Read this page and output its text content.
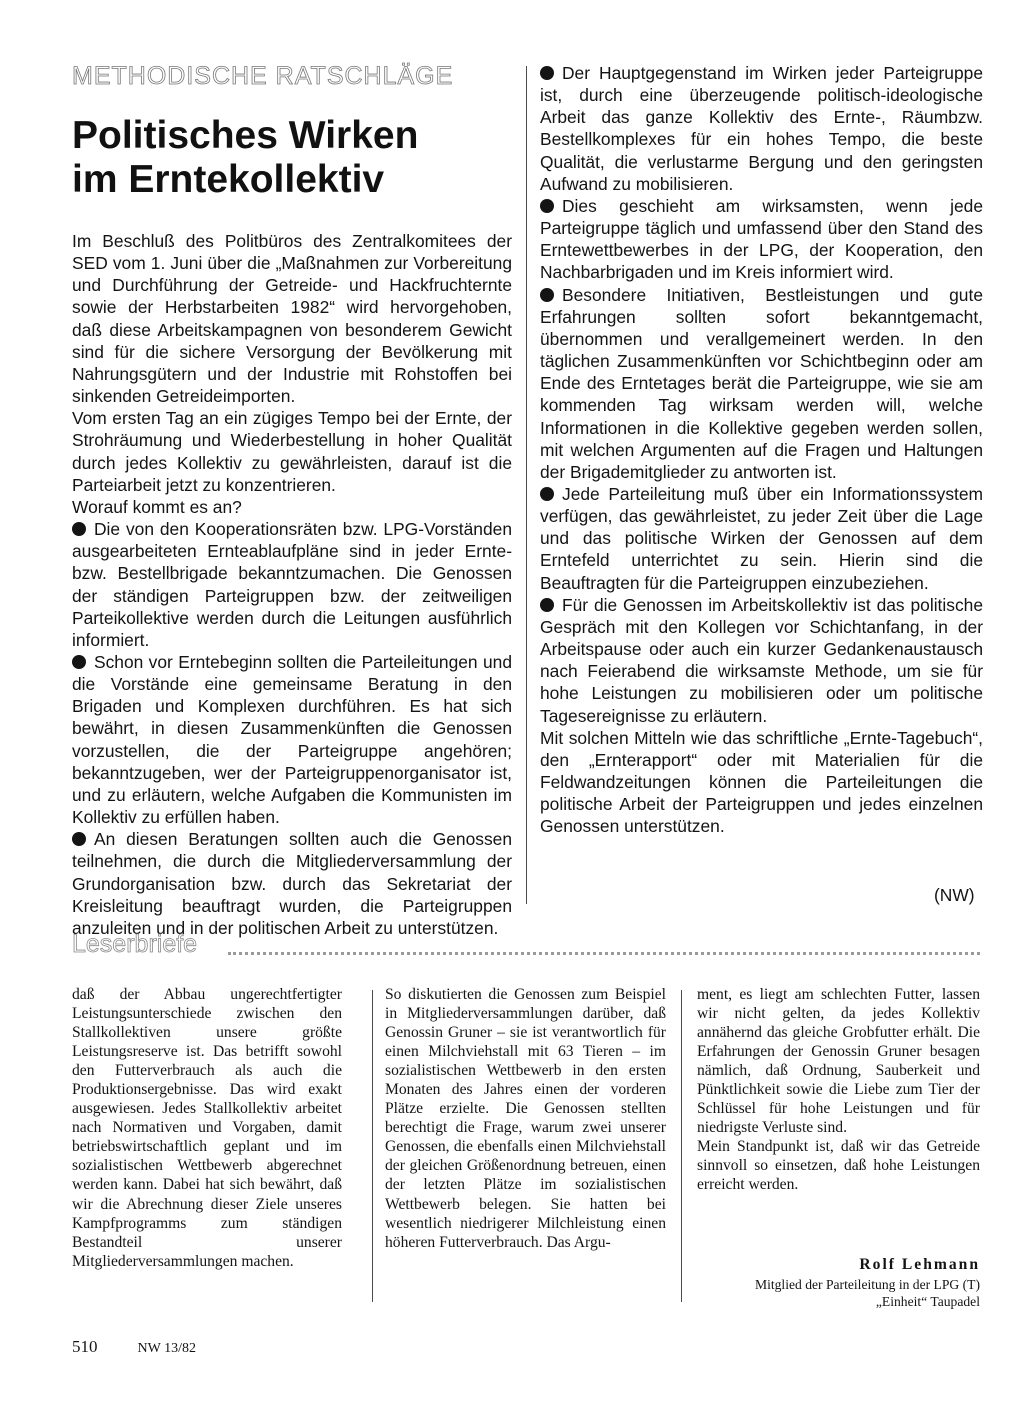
METHODISCHE RATSCHLÄGE
Politisches Wirken
im Erntekollektiv

Im Beschluß des Politbüros des Zentralkomitees der SED vom 1. Juni über die „Maßnahmen zur Vorbereitung und Durchführung der Getreide- und Hackfruchternte sowie der Herbstarbeiten 1982“ wird hervorgehoben, daß diese Arbeitskampagnen von besonderem Gewicht sind für die sichere Versorgung der Bevölkerung mit Nahrungsgütern und der Industrie mit Rohstoffen bei sinkenden Getreideimporten.

Vom ersten Tag an ein zügiges Tempo bei der Ernte, der Strohräumung und Wiederbestellung in hoher Qualität durch jedes Kollektiv zu gewährleisten, darauf ist die Parteiarbeit jetzt zu konzentrieren.

Worauf kommt es an?

Die von den Kooperationsräten bzw. LPG-Vorständen ausgearbeiteten Ernteablaufpläne sind in jeder Ernte- bzw. Bestellbrigade bekanntzumachen. Die Genossen der ständigen Parteigruppen bzw. der zeitweiligen Parteikollektive werden durch die Leitungen ausführlich informiert.

Schon vor Erntebeginn sollten die Parteileitungen und die Vorstände eine gemeinsame Beratung in den Brigaden und Komplexen durchführen. Es hat sich bewährt, in diesen Zusammenkünften die Genossen vorzustellen, die der Parteigruppe angehören; bekanntzugeben, wer der Parteigruppenorganisator ist, und zu erläutern, welche Aufgaben die Kommunisten im Kollektiv zu erfüllen haben.

An diesen Beratungen sollten auch die Genossen teilnehmen, die durch die Mitgliederversammlung der Grundorganisation bzw. durch das Sekretariat der Kreisleitung beauftragt wurden, die Parteigruppen anzuleiten und in der politischen Arbeit zu unterstützen.

Der Hauptgegenstand im Wirken jeder Parteigruppe ist, durch eine überzeugende politisch-ideologische Arbeit das ganze Kollektiv des Ernte-, Räumbzw. Bestellkomplexes für ein hohes Tempo, die beste Qualität, die verlustarme Bergung und den geringsten Aufwand zu mobilisieren.

Dies geschieht am wirksamsten, wenn jede Parteigruppe täglich und umfassend über den Stand des Erntewettbewerbes in der LPG, der Kooperation, den Nachbarbrigaden und im Kreis informiert wird.

Besondere Initiativen, Bestleistungen und gute Erfahrungen sollten sofort bekanntgemacht, übernommen und verallgemeinert werden. In den täglichen Zusammenkünften vor Schichtbeginn oder am Ende des Erntetages berät die Parteigruppe, wie sie am kommenden Tag wirksam werden will, welche Informationen in die Kollektive gegeben werden sollen, mit welchen Argumenten auf die Fragen und Haltungen der Brigademitglieder zu antworten ist.

Jede Parteileitung muß über ein Informationssystem verfügen, das gewährleistet, zu jeder Zeit über die Lage und das politische Wirken der Genossen auf dem Erntefeld unterrichtet zu sein. Hierin sind die Beauftragten für die Parteigruppen einzubeziehen.

Für die Genossen im Arbeitskollektiv ist das politische Gespräch mit den Kollegen vor Schichtanfang, in der Arbeitspause oder auch ein kurzer Gedankenaustausch nach Feierabend die wirksamste Methode, um sie für hohe Leistungen zu mobilisieren oder um politische Tagesereignisse zu erläutern.

Mit solchen Mitteln wie das schriftliche „Ernte-Tagebuch“, den „Ernterapport“ oder mit Materialien für die Feldwandzeitungen können die Parteileitungen die politische Arbeit der Parteigruppen und jedes einzelnen Genossen unterstützen.

(NW)
Leserbriefe

daß der Abbau ungerechtfertigter Leistungsunterschiede zwischen den Stallkollektiven unsere größte Leistungsreserve ist. Das betrifft sowohl den Futterverbrauch als auch die Produktionsergebnisse. Das wird exakt ausgewiesen. Jedes Stallkollektiv arbeitet nach Normativen und Vorgaben, damit betriebswirtschaftlich geplant und im sozialistischen Wettbewerb abgerechnet werden kann. Dabei hat sich bewährt, daß wir die Abrechnung dieser Ziele unseres Kampfprogramms zum ständigen Bestandteil unserer Mitgliederversammlungen machen.

So diskutierten die Genossen zum Beispiel in Mitgliederversammlungen darüber, daß Genossin Gruner – sie ist verantwortlich für einen Milchviehstall mit 63 Tieren – im sozialistischen Wettbewerb in den ersten Monaten des Jahres einen der vorderen Plätze erzielte. Die Genossen stellten berechtigt die Frage, warum zwei unserer Genossen, die ebenfalls einen Milchviehstall der gleichen Größenordnung betreuen, einen der letzten Plätze im sozialistischen Wettbewerb belegen. Sie hatten bei wesentlich niedrigerer Milchleistung einen höheren Futterverbrauch. Das Argu-

ment, es liegt am schlechten Futter, lassen wir nicht gelten, da jedes Kollektiv annähernd das gleiche Grobfutter erhält. Die Erfahrungen der Genossin Gruner besagen nämlich, daß Ordnung, Sauberkeit und Pünktlichkeit sowie die Liebe zum Tier der Schlüssel für hohe Leistungen und für niedrigste Verluste sind.

Mein Standpunkt ist, daß wir das Getreide sinnvoll so einsetzen, daß hohe Leistungen erreicht werden.

Rolf Lehmann
Mitglied der Parteileitung in der LPG (T)
„Einheit“ Taupadel
510	NW 13/82
